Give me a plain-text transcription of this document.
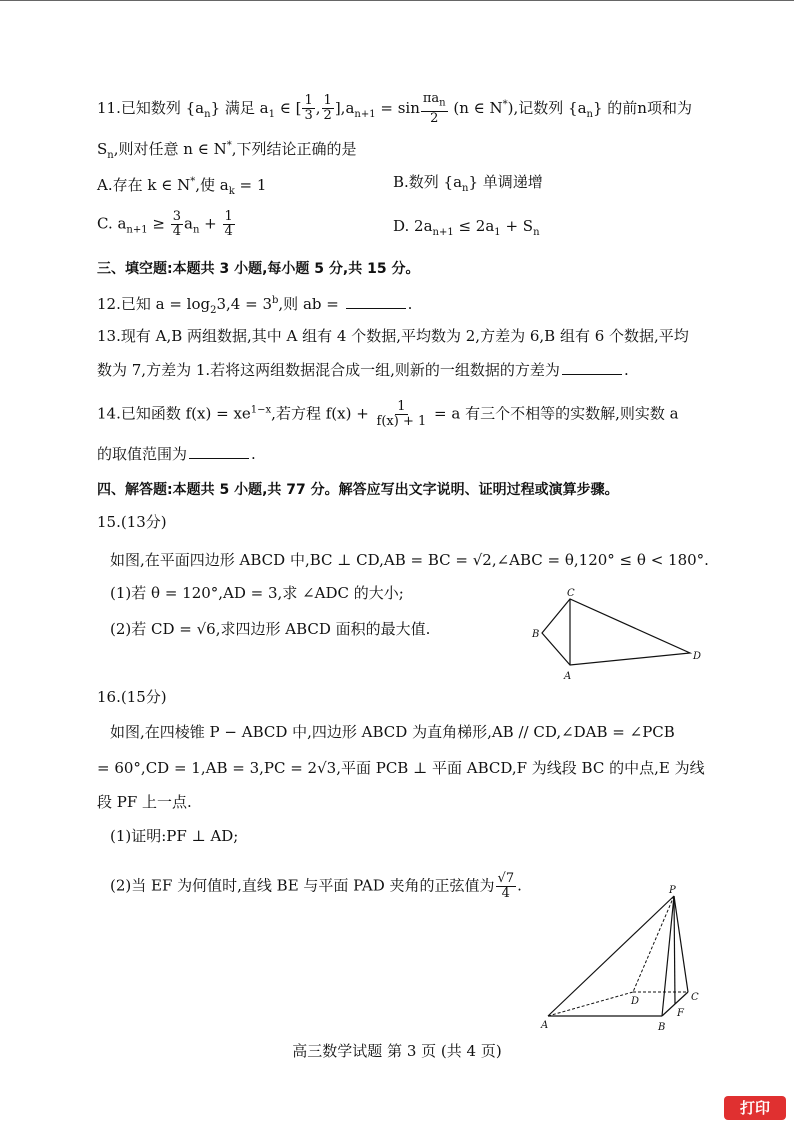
11.已知数列 $\{a_n\}$ 满足 $a_1$ ∈ [ $\frac{1}{3}$ , $\frac{1}{2} ],a_{n+1} = \sin \frac{\pi a_n}{2} (n$ ∈ N*),记数列 $\{a_n\}$ 的前n项和为
$S_n$,则对任意 n ∈ N*,下列结论正确的是
A.存在 k ∈ N*,使 $a_k = 1$	B.数列 $\{a_n\}$ 单调递增
C. $a_{n+1} \ge \frac{3}{4} a_n + \frac{1}{4}$	D. $2a_{n+1} \le 2a_1 + S_n$
三、填空题:本题共 3 小题,每小题 5 分,共 15 分。
12.已知 $a = \log_23,4 = 3^b$,则 ab =	.
13.现有 A,B 两组数据,其中 A 组有 4 个数据,平均数为 2,方差为 6,B 组有 6 个数据,平均
数为 7,方差为 1.若将这两组数据混合成一组,则新的一组数据的方差为	.
14.已知函数 $f(x) = xe^{1-x}$,若方程 $f(x) + \frac{1}{f(x) + 1} = a$ 有三个不相等的实数解,则实数 a
的取值范围为	.
四、解答题:本题共 5 小题,共 77 分。解答应写出文字说明、证明过程或演算步骤。
15.(13分)
如图,在平面四边形 ABCD 中,BC ⊥ CD,AB = BC = √2,∠ABC = θ,120° ≤ θ < 180°.
(1)若 θ = 120°,AD = 3,求 ∠ADC 的大小;
(2)若 CD = √6,求四边形 ABCD 面积的最大值.
C
B
A
D
16.(15分)
如图,在四棱锥 P − ABCD 中,四边形 ABCD 为直角梯形,AB // CD,∠DAB = ∠PCB
= 60°,CD = 1,AB = 3,PC = 2√3,平面 PCB ⊥ 平面 ABCD,F 为线段 BC 的中点,E 为线
段 PF 上一点.
(1)证明:PF ⊥ AD;
(2)当 EF 为何值时,直线 BE 与平面 PAD 夹角的正弦值为 $\frac{√7}{4}$ .	P
A	B
C
D
F
高三数学试题 第 3 页 (共 4 页)
打印
